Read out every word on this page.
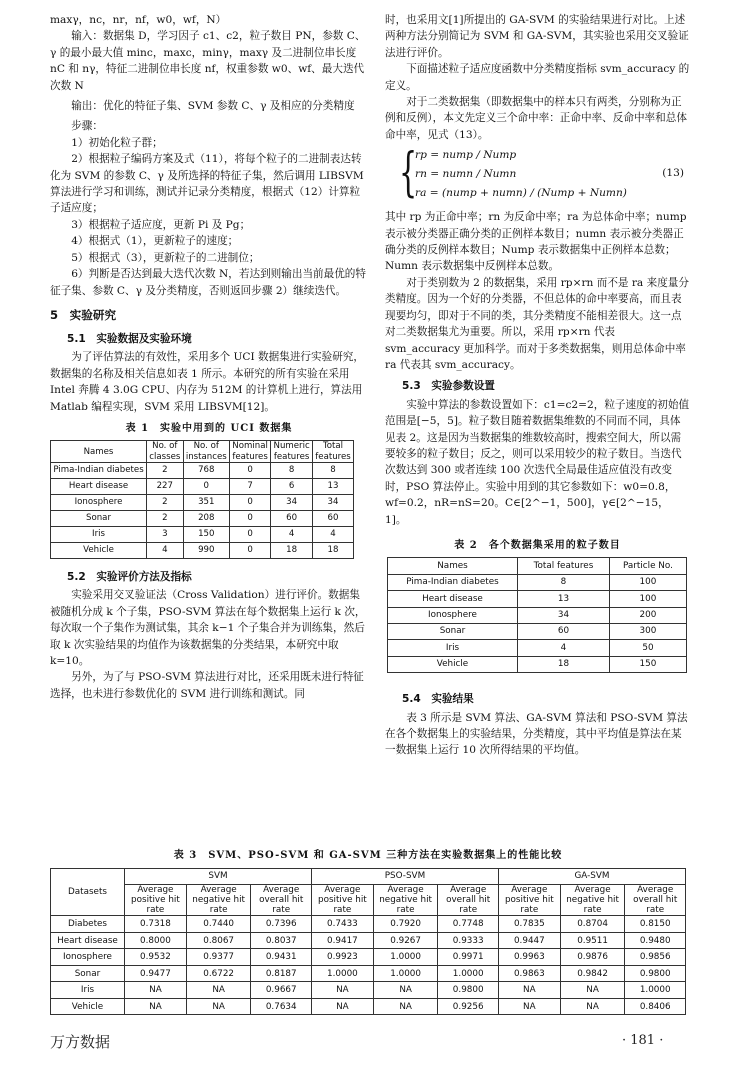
maxγ，nc，nr，nf，w0，wf，N）

输入：数据集 D，学习因子 c1、c2，粒子数目 PN，参数 C、γ 的最小最大值 minc，maxc，minγ，maxγ 及二进制位串长度 nC 和 nγ，特征二进制位串长度 nf，权重参数 w0、wf、最大迭代次数 N

输出：优化的特征子集、SVM 参数 C、γ 及相应的分类精度

步骤：

1）初始化粒子群；

2）根据粒子编码方案及式（11），将每个粒子的二进制表达转化为 SVM 的参数 C、γ 及所选择的特征子集，然后调用 LIBSVM 算法进行学习和训练，测试并记录分类精度，根据式（12）计算粒子适应度；

3）根据粒子适应度，更新 Pi 及 Pg；

4）根据式（1），更新粒子的速度；

5）根据式（3），更新粒子的二进制位；

6）判断是否达到最大迭代次数 N，若达到则输出当前最优的特征子集、参数 C、γ 及分类精度，否则返回步骤 2）继续迭代。

5　实验研究
5.1　实验数据及实验环境

为了评估算法的有效性，采用多个 UCI 数据集进行实验研究，数据集的名称及相关信息如表 1 所示。本研究的所有实验在采用 Intel 奔腾 4 3.0G CPU、内存为 512M 的计算机上进行，算法用 Matlab 编程实现，SVM 采用 LIBSVM[12]。

表 1　实验中用到的 UCI 数据集
Names	No. of classes	No. of instances	Nominal features	Numeric features	Total features
Pima-Indian diabetes	2	768	0	8	8
Heart disease	227	0	7	6	13
Ionosphere	2	351	0	34	34
Sonar	2	208	0	60	60
Iris	3	150	0	4	4
Vehicle	4	990	0	18	18
5.2　实验评价方法及指标

实验采用交叉验证法（Cross Validation）进行评价。数据集被随机分成 k 个子集，PSO-SVM 算法在每个数据集上运行 k 次，每次取一个子集作为测试集，其余 k−1 个子集合并为训练集，然后取 k 次实验结果的均值作为该数据集的分类结果，本研究中取 k=10。

另外，为了与 PSO-SVM 算法进行对比，还采用既未进行特征选择，也未进行参数优化的 SVM 进行训练和测试。同

时，也采用文[1]所提出的 GA-SVM 的实验结果进行对比。上述两种方法分别简记为 SVM 和 GA-SVM，其实验也采用交叉验证法进行评价。

下面描述粒子适应度函数中分类精度指标 svm_accuracy 的定义。

对于二类数据集（即数据集中的样本只有两类，分别称为正例和反例），本文先定义三个命中率：正命中率、反命中率和总体命中率，见式（13）。

{
rp = nump / Nump
rn = numn / Numn
ra = (nump + numn) / (Nump + Numn)
(13)

其中 rp 为正命中率；rn 为反命中率；ra 为总体命中率；nump 表示被分类器正确分类的正例样本数目；numn 表示被分类器正确分类的反例样本数目；Nump 表示数据集中正例样本总数；Numn 表示数据集中反例样本总数。

对于类别数为 2 的数据集，采用 rp×rn 而不是 ra 来度量分类精度。因为一个好的分类器，不但总体的命中率要高，而且表现要均匀，即对于不同的类，其分类精度不能相差很大。这一点对二类数据集尤为重要。所以，采用 rp×rn 代表 svm_accuracy 更加科学。而对于多类数据集，则用总体命中率 ra 代表其 svm_accuracy。

5.3　实验参数设置

实验中算法的参数设置如下：c1=c2=2，粒子速度的初始值范围是[−5，5]。粒子数目随着数据集维数的不同而不同，具体见表 2。这是因为当数据集的维数较高时，搜索空间大，所以需要较多的粒子数目；反之，则可以采用较少的粒子数目。当迭代次数达到 300 或者连续 100 次迭代全局最佳适应值没有改变时，PSO 算法停止。实验中用到的其它参数如下：w0=0.8，wf=0.2，nR=nS=20。C∈[2^−1，500]，γ∈[2^−15，1]。

表 2　各个数据集采用的粒子数目
Names	Total features	Particle No.
Pima-Indian diabetes	8	100
Heart disease	13	100
Ionosphere	34	200
Sonar	60	300
Iris	4	50
Vehicle	18	150
5.4　实验结果

表 3 所示是 SVM 算法、GA-SVM 算法和 PSO-SVM 算法在各个数据集上的实验结果，分类精度，其中平均值是算法在某一数据集上运行 10 次所得结果的平均值。

表 3　SVM、PSO-SVM 和 GA-SVM 三种方法在实验数据集上的性能比较
Datasets	SVM			PSO-SVM			GA-SVM		
	Average positive hit rate	Average negative hit rate	Average overall hit rate	Average positive hit rate	Average negative hit rate	Average overall hit rate	Average positive hit rate	Average negative hit rate	Average overall hit rate
Diabetes	0.7318	0.7440	0.7396	0.7433	0.7920	0.7748	0.7835	0.8704	0.8150
Heart disease	0.8000	0.8067	0.8037	0.9417	0.9267	0.9333	0.9447	0.9511	0.9480
Ionosphere	0.9532	0.9377	0.9431	0.9923	1.0000	0.9971	0.9963	0.9876	0.9856
Sonar	0.9477	0.6722	0.8187	1.0000	1.0000	1.0000	0.9863	0.9842	0.9800
Iris	NA	NA	0.9667	NA	NA	0.9800	NA	NA	1.0000
Vehicle	NA	NA	0.7634	NA	NA	0.9256	NA	NA	0.8406
万方数据	· 181 ·
